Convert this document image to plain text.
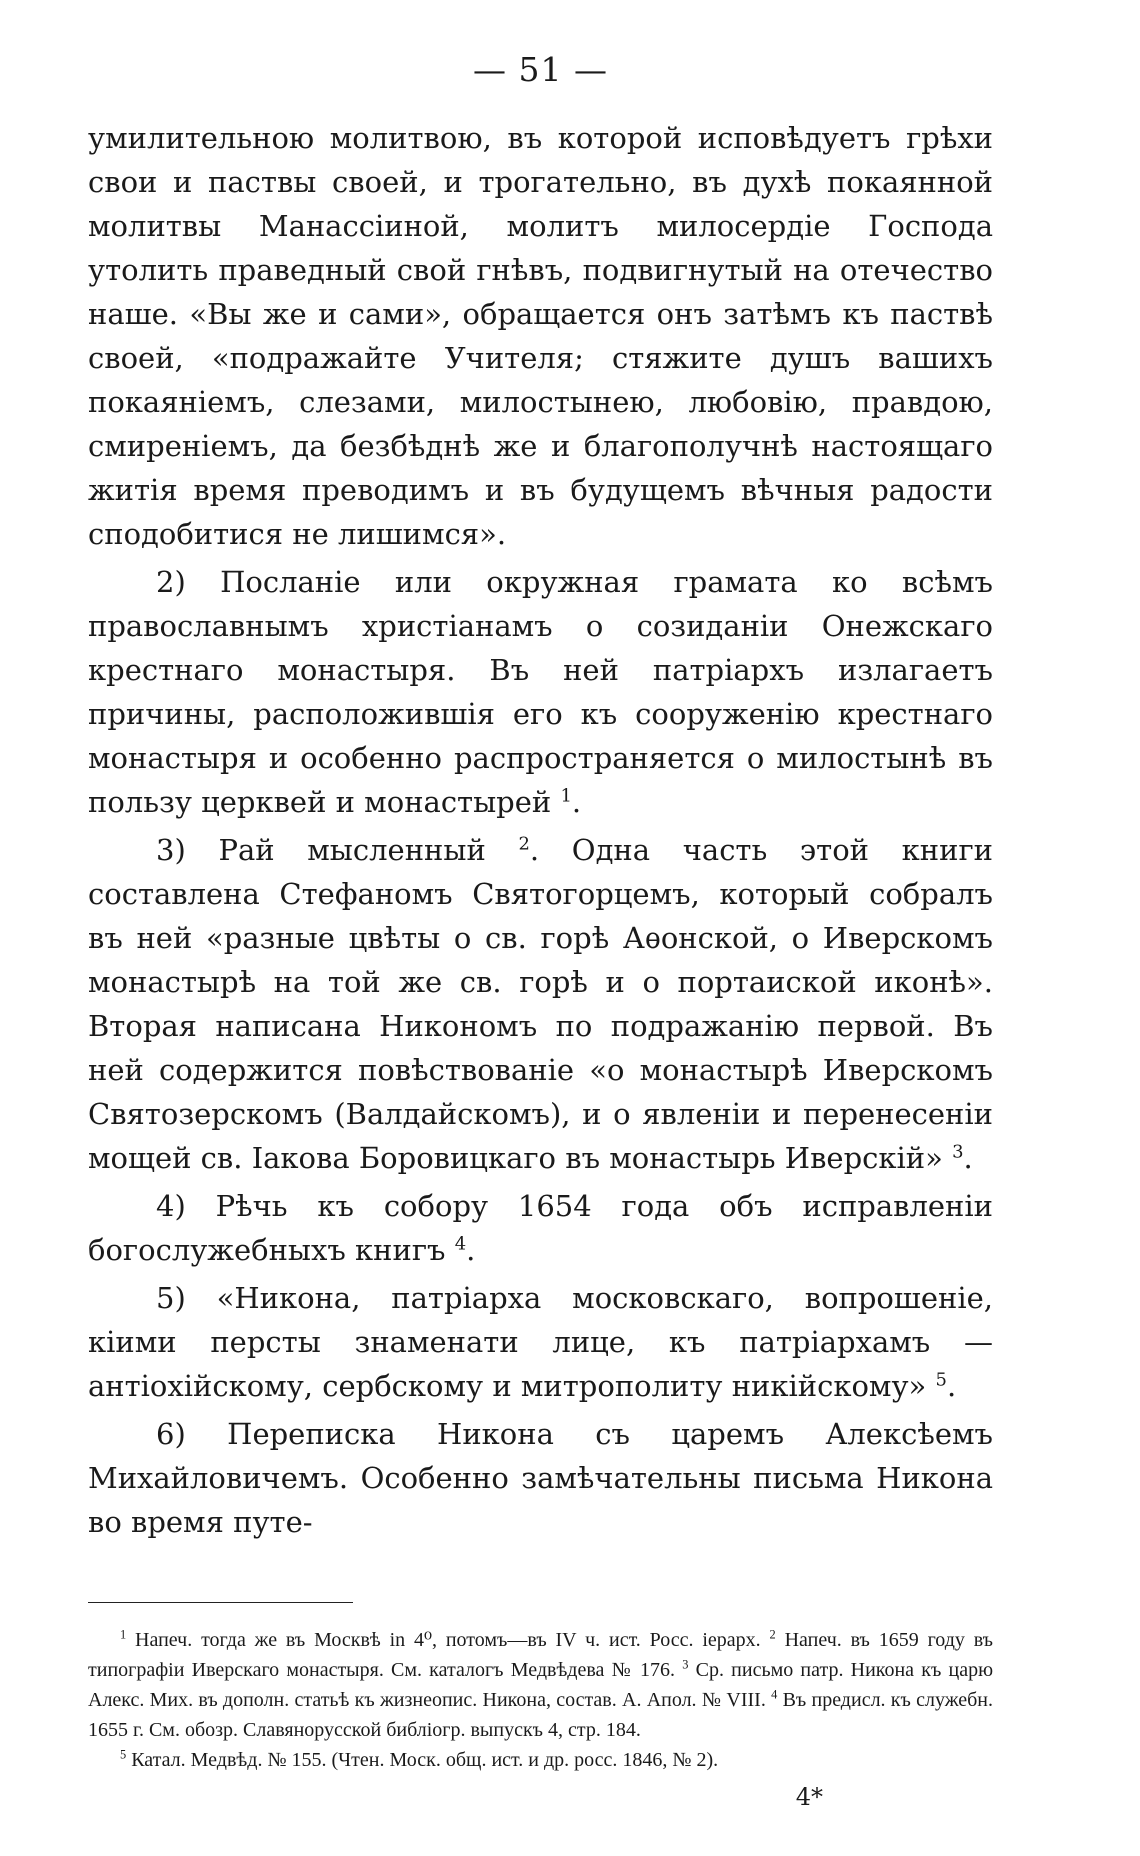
— 51 —

умилительною молитвою, въ которой исповѣдуетъ грѣхи свои и паствы своей, и трогательно, въ духѣ покаянной молитвы Манассіиной, молитъ милосердіе Господа утолить праведный свой гнѣвъ, подвигнутый на отечество наше. «Вы же и сами», обращается онъ затѣмъ къ паствѣ своей, «подражайте Учителя; стяжите душъ вашихъ покаяніемъ, слезами, милостынею, любовію, правдою, смиреніемъ, да безбѣднѣ же и благополучнѣ настоящаго житія время преводимъ и въ будущемъ вѣчныя радости сподобитися не лишимся».

2) Посланіе или окружная грамата ко всѣмъ православнымъ христіанамъ о созиданіи Онежскаго крестнаго монастыря. Въ ней патріархъ излагаетъ причины, расположившія его къ сооруженію крестнаго монастыря и особенно распространяется о милостынѣ въ пользу церквей и монастырей $^1$.

3) Рай мысленный $^2$. Одна часть этой книги составлена Стефаномъ Святогорцемъ, который собралъ въ ней «разные цвѣты о св. горѣ Аѳонской, о Иверскомъ монастырѣ на той же св. горѣ и о портаиской иконѣ». Вторая написана Никономъ по подражанію первой. Въ ней содержится повѣствованіе «о монастырѣ Иверскомъ Святозерскомъ (Валдайскомъ), и о явленіи и перенесеніи мощей св. Іакова Боровицкаго въ монастырь Иверскій» $^3$.

4) Рѣчь къ собору 1654 года объ исправленіи богослужебныхъ книгъ $^4$.

5) «Никона, патріарха московскаго, вопрошеніе, кіими персты знаменати лице, къ патріархамъ — антіохійскому, сербскому и митрополиту никійскому» $^5$.

6) Переписка Никона съ царемъ Алексѣемъ Михайловичемъ. Особенно замѣчательны письма Никона во время путе-

$^1$ Напеч. тогда же въ Москвѣ in 4⁰, потомъ—въ IV ч. ист. Росс. іерарх. $^2$ Напеч. въ 1659 году въ типографіи Иверскаго монастыря. См. каталогъ Медвѣдева № 176. $^3$ Ср. письмо патр. Никона къ царю Алекс. Мих. въ дополн. статьѣ къ жизнеопис. Никона, состав. А. Апол. № VIII. $^4$ Въ предисл. къ служебн. 1655 г. См. обозр. Славянорусской библіогр. выпускъ 4, стр. 184.

$^5$ Катал. Медвѣд. № 155. (Чтен. Моск. общ. ист. и др. росс. 1846, № 2).

4*
